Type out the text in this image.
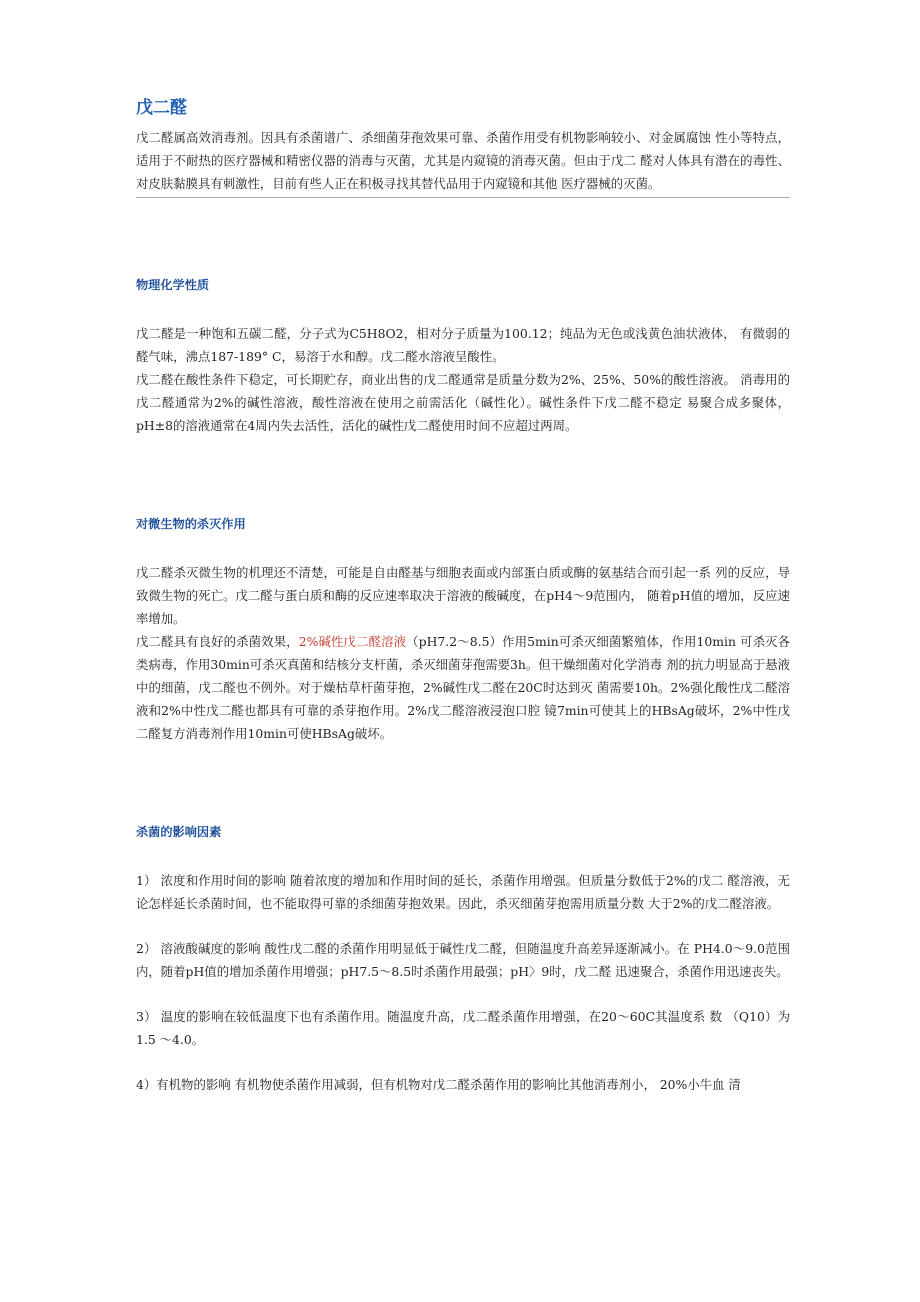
戊二醛

戊二醛属高效消毒剂。因具有杀菌谱广、杀细菌芽孢效果可靠、杀菌作用受有机物影响较小、对金属腐蚀 性小等特点，适用于不耐热的医疗器械和精密仪器的消毒与灭菌，尤其是内窥镜的消毒灭菌。但由于戊二 醛对人体具有潜在的毒性、对皮肤黏膜具有刺激性，目前有些人正在积极寻找其替代品用于内窥镜和其他 医疗器械的灭菌。

物理化学性质

戊二醛是一种饱和五碳二醛，分子式为C5H8O2，相对分子质量为100.12；纯品为无色或浅黄色油状液体， 有微弱的醛气味，沸点187-189° C，易溶于水和醇。戊二醛水溶液呈酸性。

戊二醛在酸性条件下稳定，可长期贮存，商业出售的戊二醛通常是质量分数为2%、25%、50%的酸性溶液。 消毒用的戊二醛通常为2%的碱性溶液，酸性溶液在使用之前需活化（碱性化）。碱性条件下戊二醛不稳定 易聚合成多聚体，pH±8的溶液通常在4周内失去活性，活化的碱性戊二醛使用时间不应超过两周。

对微生物的杀灭作用

戊二醛杀灭微生物的机理还不清楚，可能是自由醛基与细胞表面或内部蛋白质或酶的氨基结合而引起一系 列的反应，导致微生物的死亡。戊二醛与蛋白质和酶的反应速率取决于溶液的酸碱度，在pH4～9范围内， 随着pH值的增加，反应速率增加。

戊二醛具有良好的杀菌效果，2%碱性戊二醛溶液（pH7.2～8.5）作用5min可杀灭细菌繁殖体，作用10min 可杀灭各类病毒，作用30min可杀灭真菌和结核分支杆菌，杀灭细菌芽孢需要3h。但干燥细菌对化学消毒 剂的抗力明显高于悬液中的细菌，戊二醛也不例外。对于燥枯草杆菌芽抱，2%碱性戊二醛在20C时达到灭 菌需要10h。2%强化酸性戊二醛溶液和2%中性戊二醛也都具有可靠的杀芽抱作用。2%戊二醛溶液浸泡口腔 镜7min可使其上的HBsAg破坏，2%中性戊二醛复方消毒剂作用10min可使HBsAg破坏。

杀菌的影响因素

1） 浓度和作用时间的影响 随着浓度的增加和作用时间的延长，杀菌作用增强。但质量分数低于2%的戊二 醛溶液，无论怎样延长杀菌时间，也不能取得可靠的杀细菌芽抱效果。因此，杀灭细菌芽抱需用质量分数 大于2%的戊二醛溶液。

2） 溶液酸碱度的影响 酸性戊二醛的杀菌作用明显低于碱性戊二醛，但随温度升高差异逐渐减小。在 PH4.0～9.0范围内，随着pH值的增加杀菌作用增强；pH7.5～8.5时杀菌作用最强；pH〉9时，戊二醛 迅速聚合，杀菌作用迅速丧失。

3） 温度的影响在较低温度下也有杀菌作用。随温度升高，戊二醛杀菌作用增强，在20～60C其温度系 数 （Q10）为 1.5 ～4.0。

4）有机物的影响 有机物使杀菌作用减弱，但有机物对戊二醛杀菌作用的影响比其他消毒剂小， 20%小牛血 清
